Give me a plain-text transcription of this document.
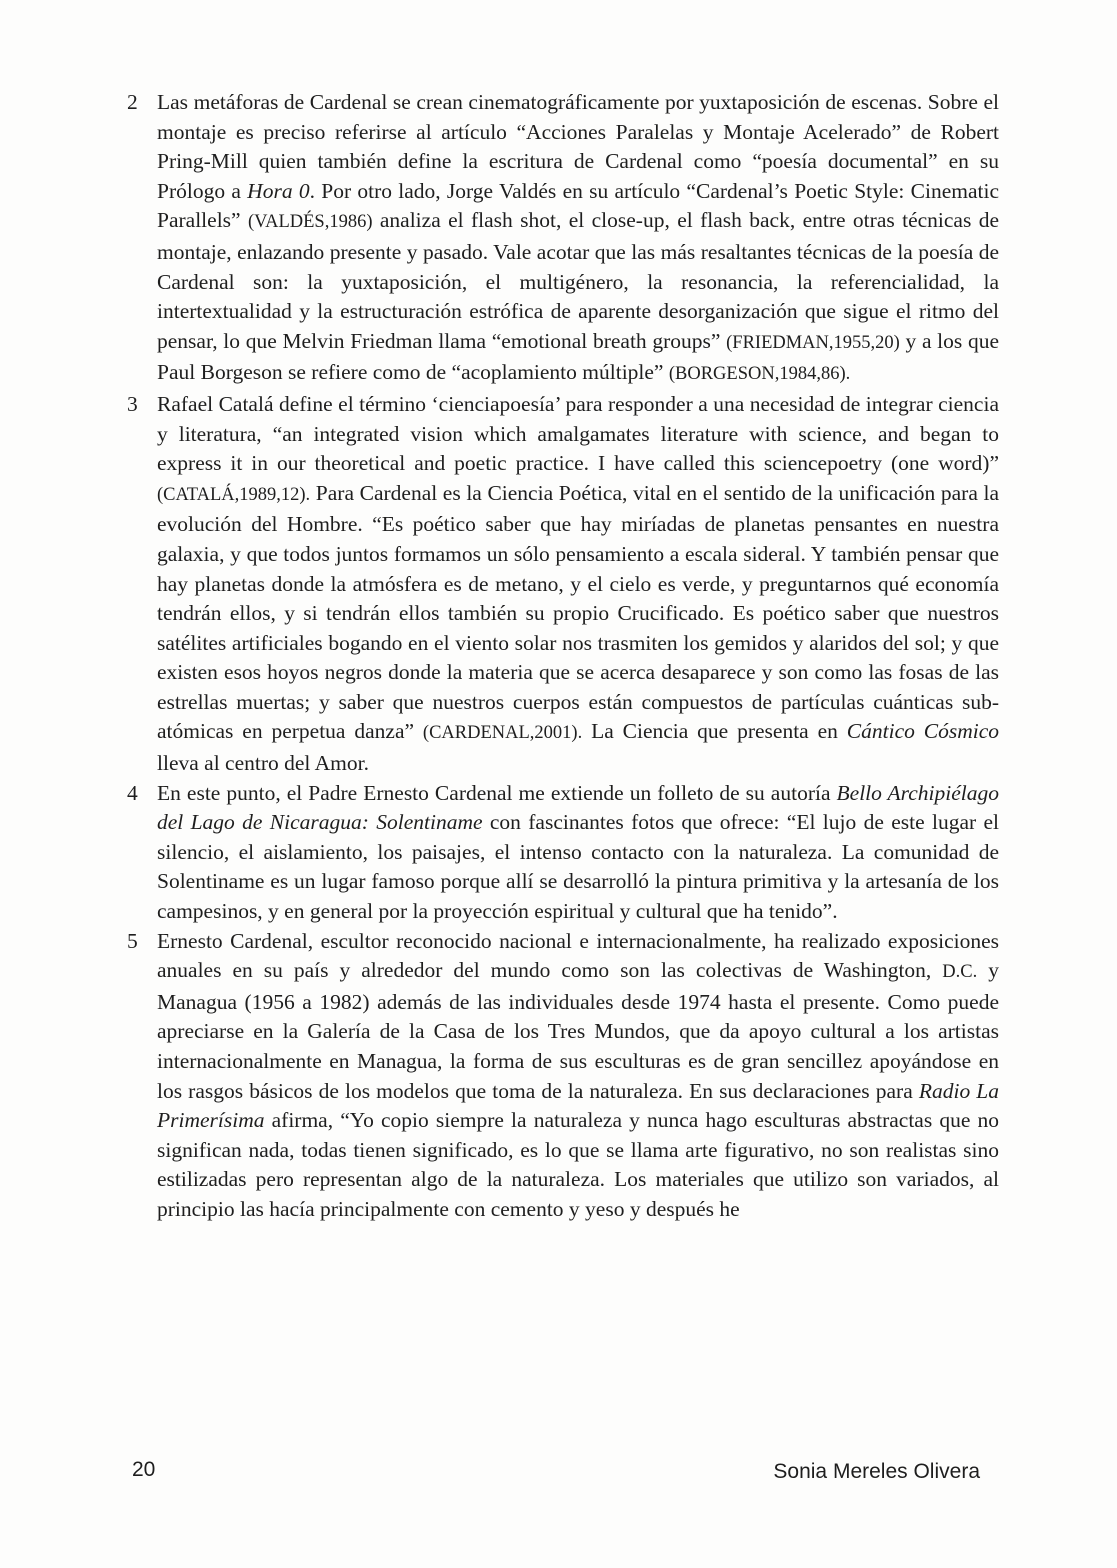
2 Las metáforas de Cardenal se crean cinematográficamente por yuxtaposición de escenas. Sobre el montaje es preciso referirse al artículo “Acciones Paralelas y Montaje Acelerado” de Robert Pring-Mill quien también define la escritura de Cardenal como “poesía documental” en su Prólogo a Hora 0. Por otro lado, Jorge Valdés en su artículo “Cardenal’s Poetic Style: Cinematic Parallels” (VALDÉS,1986) analiza el flash shot, el close-up, el flash back, entre otras técnicas de montaje, enlazando presente y pasado. Vale acotar que las más resaltantes técnicas de la poesía de Cardenal son: la yuxtaposición, el multigénero, la resonancia, la referencialidad, la intertextualidad y la estructuración estrófica de aparente desorganización que sigue el ritmo del pensar, lo que Melvin Friedman llama “emotional breath groups” (FRIEDMAN,1955,20) y a los que Paul Borgeson se refiere como de “acoplamiento múltiple” (BORGESON,1984,86).
3 Rafael Catalá define el término ‘cienciapoesía’ para responder a una necesidad de integrar ciencia y literatura, “an integrated vision which amalgamates literature with science, and began to express it in our theoretical and poetic practice. I have called this sciencepoetry (one word)” (CATALÁ,1989,12). Para Cardenal es la Ciencia Poética, vital en el sentido de la unificación para la evolución del Hombre. “Es poético saber que hay miríadas de planetas pensantes en nuestra galaxia, y que todos juntos formamos un sólo pensamiento a escala sideral. Y también pensar que hay planetas donde la atmósfera es de metano, y el cielo es verde, y preguntarnos qué economía tendrán ellos, y si tendrán ellos también su propio Crucificado. Es poético saber que nuestros satélites artificiales bogando en el viento solar nos trasmiten los gemidos y alaridos del sol; y que existen esos hoyos negros donde la materia que se acerca desaparece y son como las fosas de las estrellas muertas; y saber que nuestros cuerpos están compuestos de partículas cuánticas sub-atómicas en perpetua danza” (CARDENAL,2001). La Ciencia que presenta en Cántico Cósmico lleva al centro del Amor.
4 En este punto, el Padre Ernesto Cardenal me extiende un folleto de su autoría Bello Archipiélago del Lago de Nicaragua: Solentiname con fascinantes fotos que ofrece: “El lujo de este lugar el silencio, el aislamiento, los paisajes, el intenso contacto con la naturaleza. La comunidad de Solentiname es un lugar famoso porque allí se desarrolló la pintura primitiva y la artesanía de los campesinos, y en general por la proyección espiritual y cultural que ha tenido”.
5 Ernesto Cardenal, escultor reconocido nacional e internacionalmente, ha realizado exposiciones anuales en su país y alrededor del mundo como son las colectivas de Washington, D.C. y Managua (1956 a 1982) además de las individuales desde 1974 hasta el presente. Como puede apreciarse en la Galería de la Casa de los Tres Mundos, que da apoyo cultural a los artistas internacionalmente en Managua, la forma de sus esculturas es de gran sencillez apoyándose en los rasgos básicos de los modelos que toma de la naturaleza. En sus declaraciones para Radio La Primerísima afirma, “Yo copio siempre la naturaleza y nunca hago esculturas abstractas que no significan nada, todas tienen significado, es lo que se llama arte figurativo, no son realistas sino estilizadas pero representan algo de la naturaleza. Los materiales que utilizo son variados, al principio las hacía principalmente con cemento y yeso y después he
20	Sonia Mereles Olivera
